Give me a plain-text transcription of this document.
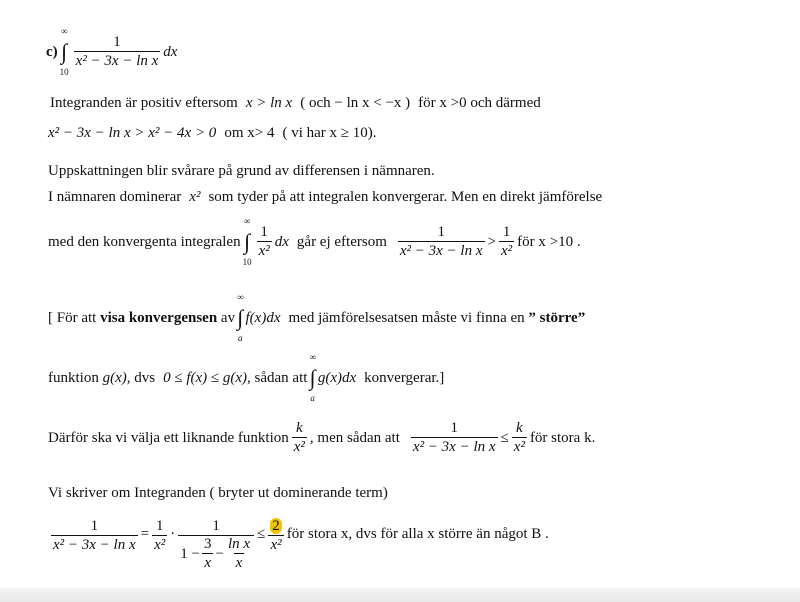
c)
∞
∫
10
$\frac{1}{\text{x² − 3x − ln x}}$ dx
Integranden är positiv eftersom x > ln x ( och − ln x < −x ) för x >0 och därmed
x² − 3x − ln x > x² − 4x > 0 om x> 4 ( vi har x ≥ 10).
Uppskattningen blir svårare på grund av differensen i nämnaren.
I nämnaren dominerar x² som tyder på att integralen konvergerar. Men en direkt jämförelse
med den konvergenta integralen
∞
∫
10
$\frac{1}{\text{x²}}$ dx går ej eftersom $\frac{1}{\text{x² − 3x − ln x}} > \frac{1}{\text{x²}}$ för x >10 .
[ För att
visa konvergensen
av
∞
∫
a
f(x)dx med jämförelsesatsen måste vi finna en
” större”
funktion
g(x) , dvs 0 ≤ f(x) ≤ g(x) , sådan att
∞
∫
a
g(x)dx konvergerar.]
Därför ska vi välja ett liknande funktion $\frac{k}{\text{x²}}$ , men sådan att $\frac{1}{\text{x² − 3x − ln x}} \le \frac{k}{\text{x²}}$ för stora k.
Vi skriver om Integranden ( bryter ut dominerande term)
$\frac{1}{\text{x² − 3x − ln x}} = \frac{1}{\text{x²}} \cdot \frac{1}{1 - \frac{3}{x} - \frac{\text{ln x}}{x}} \le \frac{2}{\text{x²}}$ för stora x, dvs för alla x större än något B .
